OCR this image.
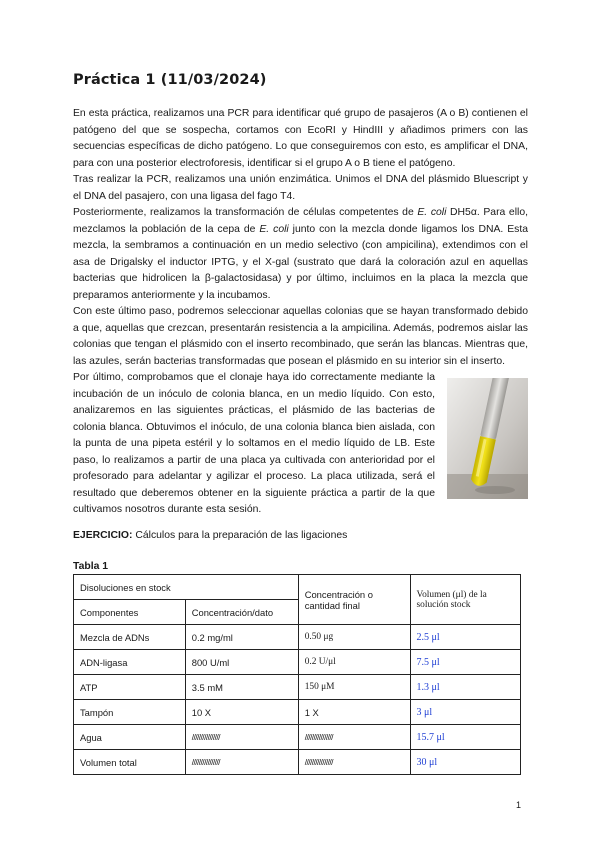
Práctica 1 (11/03/2024)

En esta práctica, realizamos una PCR para identificar qué grupo de pasajeros (A o B) contienen el patógeno del que se sospecha, cortamos con EcoRI y HindIII y añadimos primers con las secuencias específicas de dicho patógeno. Lo que conseguiremos con esto, es amplificar el DNA, para con una posterior electroforesis, identificar si el grupo A o B tiene el patógeno.

Tras realizar la PCR, realizamos una unión enzimática. Unimos el DNA del plásmido Bluescript y el DNA del pasajero, con una ligasa del fago T4.

Posteriormente, realizamos la transformación de células competentes de E. coli DH5α. Para ello, mezclamos la población de la cepa de E. coli junto con la mezcla donde ligamos los DNA. Esta mezcla, la sembramos a continuación en un medio selectivo (con ampicilina), extendimos con el asa de Drigalsky el inductor IPTG, y el X-gal (sustrato que dará la coloración azul en aquellas bacterias que hidrolicen la β-galactosidasa) y por último, incluimos en la placa la mezcla que preparamos anteriormente y la incubamos.

Con este último paso, podremos seleccionar aquellas colonias que se hayan transformado debido a que, aquellas que crezcan, presentarán resistencia a la ampicilina. Además, podremos aislar las colonias que tengan el plásmido con el inserto recombinado, que serán las blancas. Mientras que, las azules, serán bacterias transformadas que posean el plásmido en su interior sin el inserto.

Por último, comprobamos que el clonaje haya ido correctamente mediante la incubación de un inóculo de colonia blanca, en un medio líquido. Con esto, analizaremos en las siguientes prácticas, el plásmido de las bacterias de colonia blanca. Obtuvimos el inóculo, de una colonia blanca bien aislada, con la punta de una pipeta estéril y lo soltamos en el medio líquido de LB. Este paso, lo realizamos a partir de una placa ya cultivada con anterioridad por el profesorado para adelantar y agilizar el proceso. La placa utilizada, será el resultado que deberemos obtener en la siguiente práctica a partir de la que cultivamos nosotros durante esta sesión.
EJERCICIO: Cálculos para la preparación de las ligaciones
Tabla 1
Disoluciones en stock		Concentración o cantidad final	Volumen (μl) de la solución stock
Componentes	Concentración/dato		
Mezcla de ADNs	0.2 mg/ml	0.50 μg	2.5 μl
ADN-ligasa	800 U/ml	0.2 U/μl	7.5 μl
ATP	3.5 mM	150 μM	1.3 μl
Tampón	10 X	1 X	3 μl
Agua	////////////////	////////////////	15.7 μl
Volumen total	////////////////	////////////////	30 μl
1
